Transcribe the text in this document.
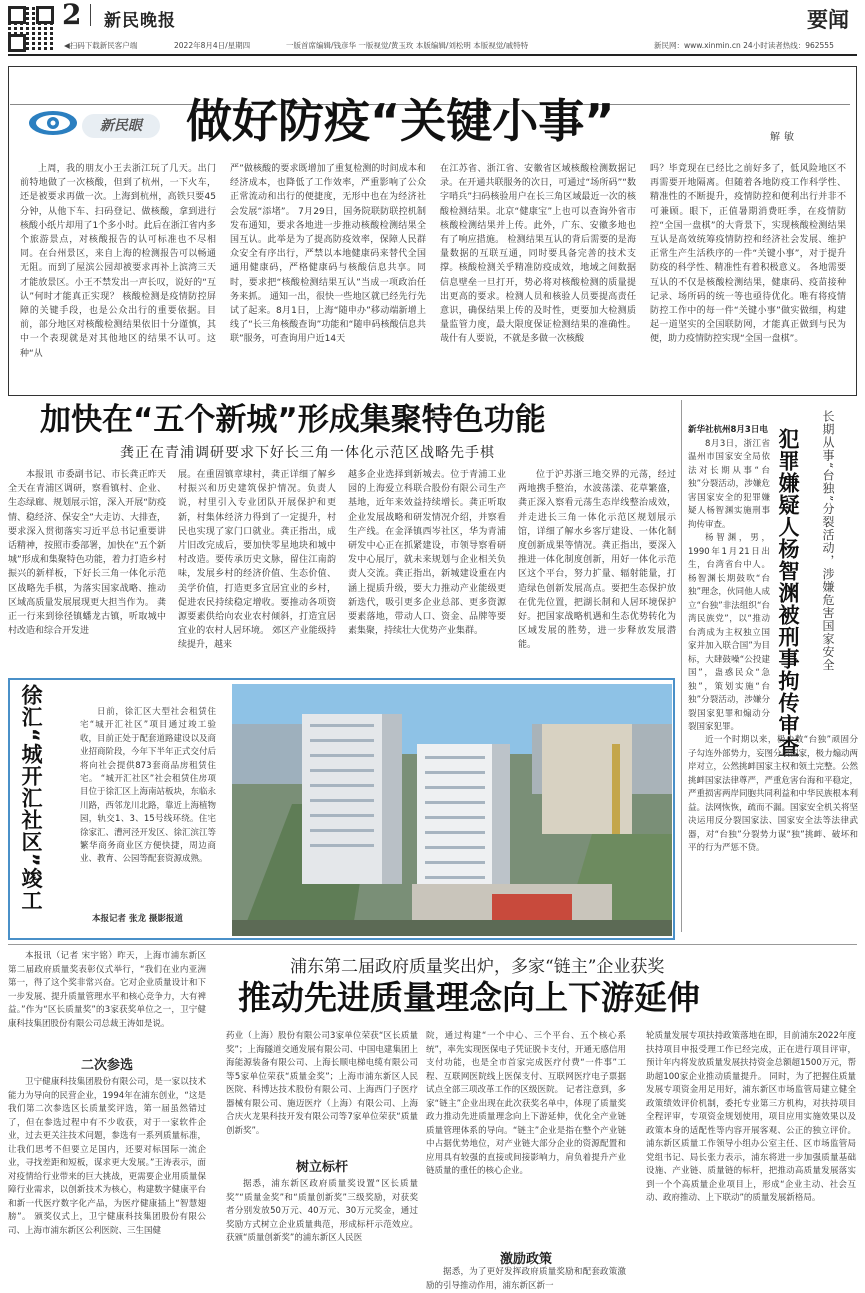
2 新民晚报	要闻
◀扫码下载新民客户端	2022年8月4日/星期四	一版首席编辑/钱彦华 一版视觉/黄玉玫 本版编辑/刘松明 本版视觉/戚特特	新民网：www.xinmin.cn 24小时读者热线：962555
新民眼 做好防疫“关键小事”	解敏

上周，我的朋友小王去浙江玩了几天。出门前特地做了一次核酸，但到了杭州，一下火车，还是被要求再做一次。上海到杭州，高铁只要45分钟，从他下车、扫码登记、做核酸，拿到进行核酸小纸片却用了1个多小时。此后在浙江省内多个旅游景点，对核酸报告的认可标准也不尽相同。在台州景区，来自上海的检测报告可以畅通无阻。而到了屋滨公园却被要求再补上滨湾三天才能放景区。小王不禁发出一声长叹，说好的“互认”何时才能真正实现？ 核酸检测是疫情防控屏障的关键手段，也是公众出行的重要依据。目前，部分地区对核酸检测结果依旧十分谨慎，其中一个表现就是对其他地区的结果不认可。这种“从

严”做核酸的要求既增加了重复检测的时间成本和经济成本，也降低了工作效率，严重影响了公众正常流动和出行的便捷度，无形中也在为经济社会发展“添堵”。 7月29日，国务院联防联控机制发布通知，要求各地进一步推动核酸检测结果全国互认。此举是为了提高防疫效率，保障人民群众安全有序出行，严禁以本地健康码来替代全国通用健康码，严格健康码与核酸信息共享。同时，要求把“核酸检测结果互认”当成一项政治任务来抓。 通知一出，很快一些地区就已经先行先试了起来。8月1日，上海“随申办”移动端新增上线了“长三角核酸查询”功能和“随申码核酸信息共联”服务，可查询用户近14天

在江苏省、浙江省、安徽省区域核酸检测数据记录。在开通共联服务的次日，可通过“场所码”“数字哨兵”扫码核验用户在长三角区域最近一次的核酸检测结果。北京“健康宝”上也可以查询外省市核酸检测结果并上传。此外，广东、安徽多地也有了响应措施。 检测结果互认的背后需要的是海量数据的互联互通，同时要具备完善的技术支撑。核酸检测关乎精准防疫成效，地域之间数据信息壁垒一旦打开，势必将对核酸检测的质量提出更高的要求。检测人员和核验人员要提高责任意识，确保结果上传的及时性，更要加大检测质量监管力度，最大限度保证检测结果的准确性。 哉什有人要说，不就是多做一次核酸

吗？毕竟现在已经比之前好多了，低风险地区不再需要开地隔离。但随着各地防疫工作科学性、精准性的不断提升，疫情防控和便利出行并非不可兼顾。眼下，正值暑期消费旺季，在疫情防控“全国一盘棋”的大背景下，实现核酸检测结果互认是高效统筹疫情防控和经济社会发展、维护正常生产生活秩序的一件“关键小事”，对于提升防疫的科学性、精准性有着积极意义。 各地需要互认的不仅是核酸检测结果，健康码、疫苗接种记录、场所码的统一等也亟待优化。唯有将疫情防控工作中的每一件“关键小事”做实做细，构建起一道坚实的全国联防网，才能真正做到与民为便，助力疫情防控实现“全国一盘棋”。

加快在“五个新城”形成集聚特色功能
龚正在青浦调研要求下好长三角一体化示范区战略先手棋

本报讯 市委副书记、市长龚正昨天全天在青浦区调研，察看镇村、企业、生态绿廊、规划展示馆，深入开展“防疫情、稳经济、保安全”大走访、大排查，要求深入贯彻落实习近平总书记重要讲话精神，按照市委部署，加快在“五个新城”形成和集聚特色功能，着力打造乡村振兴的新样板，下好长三角一体化示范区战略先手棋，为落实国家战略、推动区域高质量发展展现更大担当作为。 龚正一行来到徐径镇蟠龙古镇，听取城中村改造和综合开发进

展。在重固镇章埭村，龚正详细了解乡村振兴和历史建筑保护情况。负责人说，村里引入专业团队开展保护和更新，村集体经济力得到了一定提升，村民也实现了家门口就业。龚正指出，成片旧改完成后，要加快零星地块和城中村改造。要传承历史文脉，留住江南韵味，发展乡村的经济价值、生态价值、美学价值，打造更多宜居宜业的乡村，促进农民持续稳定增收。要推动各项资源要素供给向农业农村倾斜，打造宜居宜业的农村人居环境。 郊区产业能级持续提升，越来

越多企业选择到新城去。位于青浦工业园的上海爱立科联合股份有限公司生产基地，近年来效益持续增长。龚正听取企业发展战略和研发情况介绍，并察看生产线。在金泽镇西岑社区，华为青浦研发中心正在抓紧建设，市领导察看研发中心展厅，就未来规划与企业相关负责人交流。龚正指出，新城建设重在内涵上提质升级，要大力推动产业能级更新迭代，吸引更多企业总部、更多资源要素落地，带动人口、资金、品牌等要素集聚，持续壮大优势产业集群。

位于沪苏浙三地交界的元荡，经过两地携手整治，水波荡漾、花草繁盛，龚正深入察看元荡生态岸线整治成效，并走进长三角一体化示范区规划展示馆，详细了解水乡客厅建设、一体化制度创新成果等情况。龚正指出，要深入推进一体化制度创新，用好一体化示范区这个平台，努力扩量、辐射能量，打造绿色创新发展高点。要把生态保护放在优先位置，把湖长制和人居环境保护好。把国家战略机遇和生态优势转化为区域发展的胜势，进一步释放发展潜能。

新华社杭州8月3日电

8月3日，浙江省温州市国家安全局依法对长期从事“台独”分裂活动，涉嫌危害国家安全的犯罪嫌疑人杨智渊实施刑事拘传审查。

杨智渊，男，1990年1月21日出生，台湾省台中人。杨智渊长期鼓吹“台独”理念，伙同他人成立“台独”非法组织“台湾民族党”，以“推动台湾成为主权独立国家并加入联合国”为目标，大肆鼓噪“公投建国”，蛊惑民众“急独”，策划实施“台独”分裂活动，涉嫌分裂国家犯罪和煽动分裂国家犯罪。	犯罪嫌疑人杨智渊被刑事拘传审查	长期从事“台独”分裂活动，涉嫌危害国家安全

近一个时期以来，极少数“台独”顽固分子勾连外部势力，妄图分裂国家，极力煽动两岸对立，公然挑衅国家主权和领土完整。公然挑衅国家法律尊严，严重危害台海和平稳定，严重损害两岸同胞共同利益和中华民族根本利益。法网恢恢，疏而不漏。国家安全机关将坚决运用反分裂国家法、国家安全法等法律武器，对“台独”分裂势力谋“独”挑衅、破坏和平的行为严惩不贷。

徐汇“城开汇社区”竣工	日前，徐汇区大型社会租赁住宅“城开汇社区”项目通过竣工验收，目前正处于配套道路建设以及商业招商阶段，今年下半年正式交付后将向社会提供873套商品房租赁住宅。 “城开汇社区”社会租赁住房项目位于徐汇区上海南站板块，东临永川路，西邻龙川北路，靠近上海植物园，轨交1、3、15号线环绕。住宅徐家汇、漕河泾开发区、徐汇滨江等繁华商务商业区方便快捷，周边商业、教育、公园等配套资源成熟。

本报记者 张龙 摄影报道

本报讯（记者 宋宇铭）昨天，上海市浦东新区第二届政府质量奖表彰仪式举行，“我们在业内亚洲第一，得了这个奖非常兴奋。它对企业质量设计和下一步发展、提升质量管理水平和核心竞争力，大有裨益。”作为“区长质量奖”的3家获奖单位之一，卫宁健康科技集团股份有限公司总裁王涛如是说。

浦东第二届政府质量奖出炉，多家“链主”企业获奖
推动先进质量理念向上下游延伸
二次参选

卫宁健康科技集团股份有限公司，是一家以技术能力为导向的民营企业，1994年在浦东创业，“这是我们第二次参选区长质量奖评选，第一届虽然错过了，但在参选过程中有不少收获，对于一家软件企业，过去更关注技术问题，参选有一系列质量标准，让我们思考不但要立足国内，还要对标国际一流企业，寻找差距和短板，谋求更大发展。”王涛表示，面对疫情给行业带来的巨大挑战，更需要企业用质量保障行业需求，以创新技术为核心，构建数字健康平台和新一代医疗数字化产品，为医疗健康插上“智慧翅膀”。 颁奖仪式上，卫宁健康科技集团股份有限公司、上海市浦东新区公利医院、三生国健

药业（上海）股份有限公司3家单位荣获“区长质量奖”；上海隧道交通发展有限公司、中国电建集团上海能源装备有限公司、上海长顺电梯电缆有限公司等5家单位荣获“质量金奖”；上海市浦东新区人民医院、科博达技术股份有限公司、上海西门子医疗器械有限公司、施迈医疗（上海）有限公司、上海合庆火龙果科技开发有限公司等7家单位荣获“质量创新奖”。

树立标杆

据悉，浦东新区政府质量奖设置“区长质量奖”“质量金奖”和“质量创新奖”三级奖励，对获奖者分别发放50万元、40万元、30万元奖金，通过奖励方式树立企业质量典范，形成标杆示范效应。 获颁“质量创新奖”的浦东新区人民医

院，通过构建“一个中心、三个平台、五个核心系统”，率先实现医保电子凭证脱卡支付，开通无感信用支付功能，也是全市首家完成医疗付费“一件事”工程、互联网医院线上医保支付、互联网医疗电子票据试点全部三项改革工作的区级医院。 记者注意到，多家“链主”企业出现在此次获奖名单中，体现了质量奖政力推动先进质量理念向上下游延伸，优化全产业链质量管理体系的导向。“链主”企业是指在整个产业链中占据优势地位，对产业链大部分企业的资源配置和应用具有较强的直接或间接影响力，肩负着提升产业链质量的重任的核心企业。

激励政策

据悉，为了更好发挥政府质量奖励和配套政策激励的引导推动作用，浦东新区新一

轮质量发展专项扶持政策落地在即，目前浦东2022年度扶持项目申报受理工作已经完成，正在进行项目评审，预计年内将发放质量发展扶持资金总额超1500万元，帮助超100家企业推动质量提升。 同时，为了把握住质量发展专项资金用足用好，浦东新区市场监管局建立健全政策绩效评价机制，委托专业第三方机构，对扶持项目全程评审，专项资金规划使用，项目应用实施效果以及政策本身的适配性等内容开展客观、公正的独立评价。 浦东新区质量工作领导小组办公室主任、区市场监管局党组书记、局长张力表示，浦东将进一步加强质量基础设施、产业链、质量链的标杆，把推动高质量发展落实到一个个高质量企业项目上，形成“企业主动、社会互动、政府推动、上下联动”的质量发展新格局。
